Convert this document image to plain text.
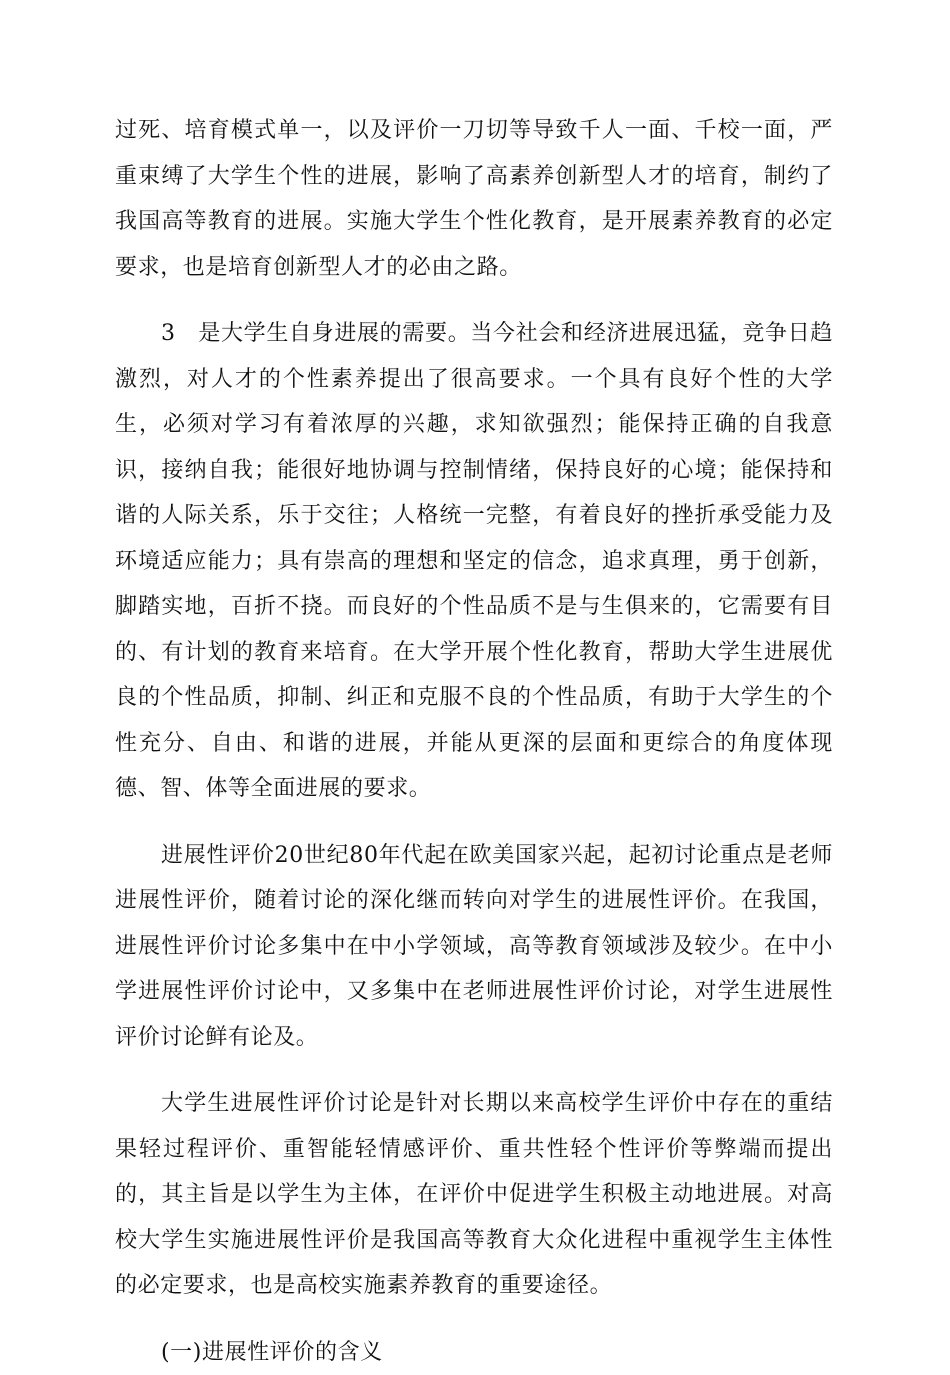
过死、培育模式单一，以及评价一刀切等导致千人一面、千校一面，严重束缚了大学生个性的进展，影响了高素养创新型人才的培育，制约了我国高等教育的进展。实施大学生个性化教育，是开展素养教育的必定要求，也是培育创新型人才的必由之路。

3　是大学生自身进展的需要。当今社会和经济进展迅猛，竞争日趋激烈，对人才的个性素养提出了很高要求。一个具有良好个性的大学生，必须对学习有着浓厚的兴趣，求知欲强烈；能保持正确的自我意识，接纳自我；能很好地协调与控制情绪，保持良好的心境；能保持和谐的人际关系，乐于交往；人格统一完整，有着良好的挫折承受能力及环境适应能力；具有崇高的理想和坚定的信念，追求真理，勇于创新，脚踏实地，百折不挠。而良好的个性品质不是与生俱来的，它需要有目的、有计划的教育来培育。在大学开展个性化教育，帮助大学生进展优良的个性品质，抑制、纠正和克服不良的个性品质，有助于大学生的个性充分、自由、和谐的进展，并能从更深的层面和更综合的角度体现德、智、体等全面进展的要求。

进展性评价20世纪80年代起在欧美国家兴起，起初讨论重点是老师进展性评价，随着讨论的深化继而转向对学生的进展性评价。在我国，进展性评价讨论多集中在中小学领域，高等教育领域涉及较少。在中小学进展性评价讨论中，又多集中在老师进展性评价讨论，对学生进展性评价讨论鲜有论及。

大学生进展性评价讨论是针对长期以来高校学生评价中存在的重结果轻过程评价、重智能轻情感评价、重共性轻个性评价等弊端而提出的，其主旨是以学生为主体，在评价中促进学生积极主动地进展。对高校大学生实施进展性评价是我国高等教育大众化进程中重视学生主体性的必定要求，也是高校实施素养教育的重要途径。

(一)进展性评价的含义
